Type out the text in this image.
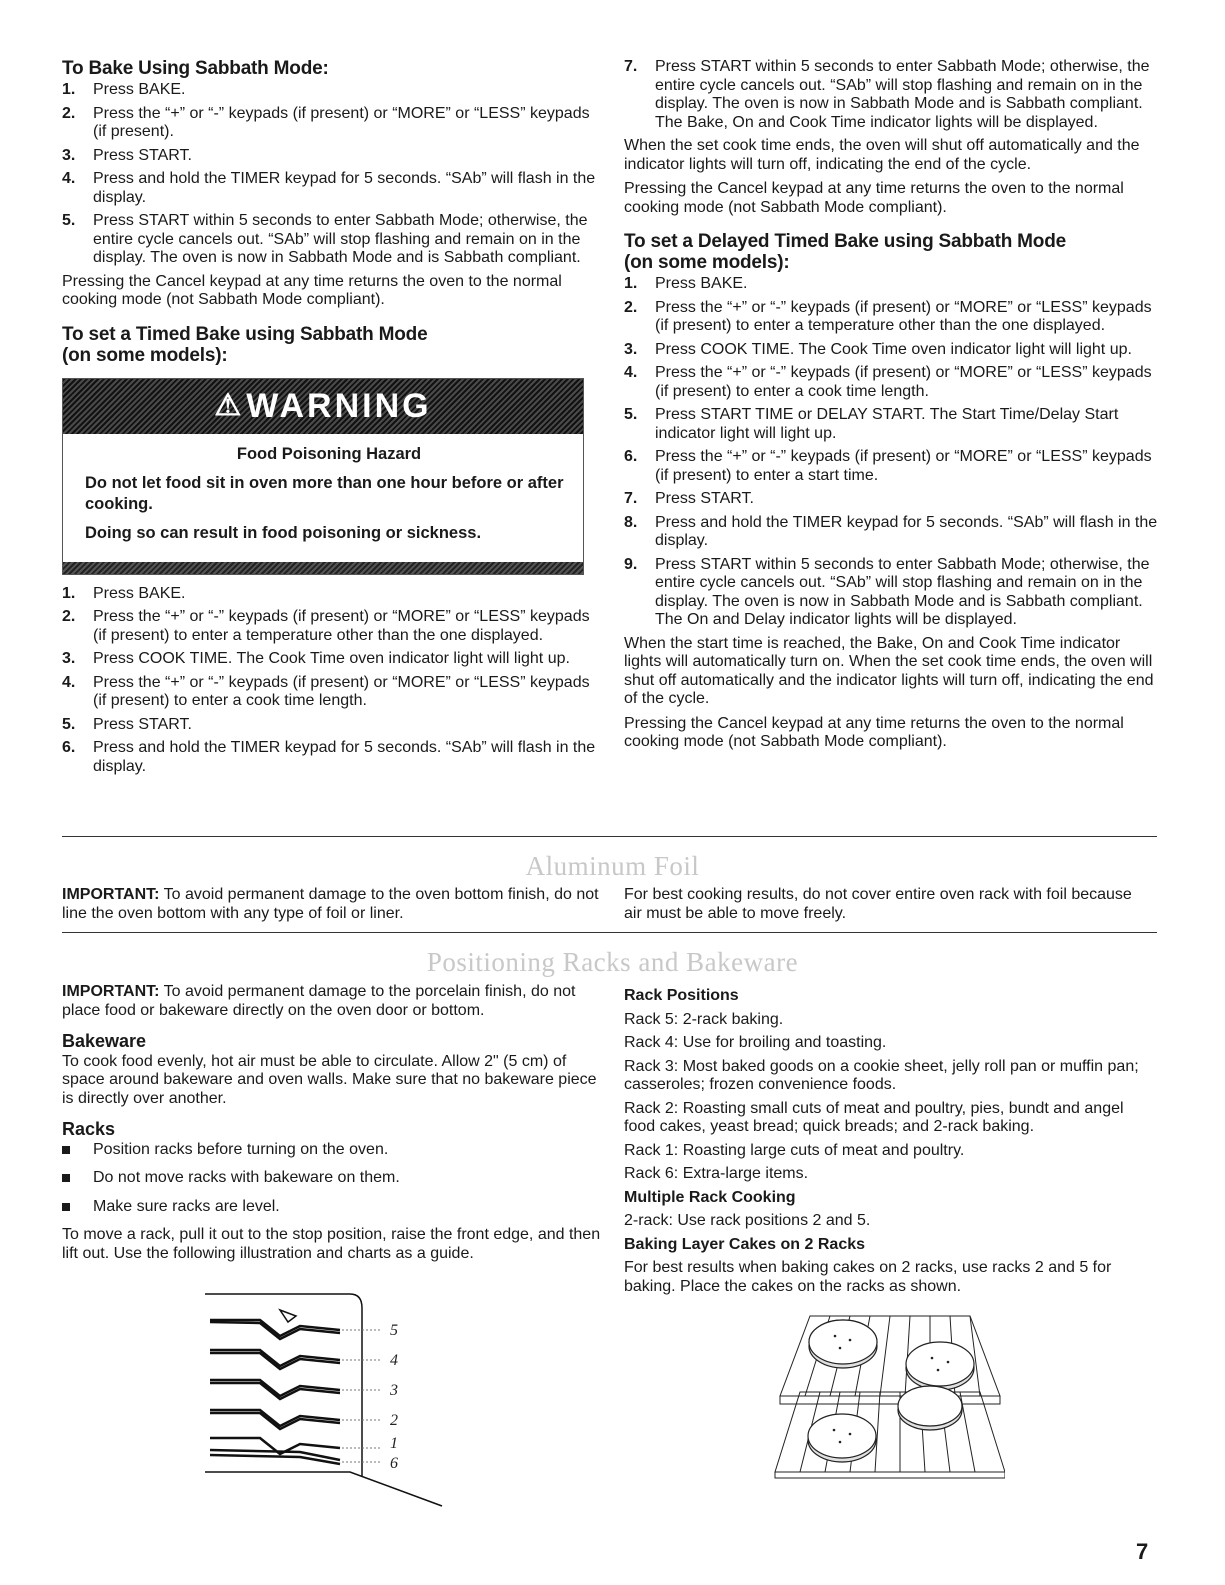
To Bake Using Sabbath Mode:
1. Press BAKE.
2. Press the “+” or “-” keypads (if present) or “MORE” or “LESS” keypads (if present).
3. Press START.
4. Press and hold the TIMER keypad for 5 seconds. “SAb” will flash in the display.
5. Press START within 5 seconds to enter Sabbath Mode; otherwise, the entire cycle cancels out. “SAb” will stop flashing and remain on in the display. The oven is now in Sabbath Mode and is Sabbath compliant.

Pressing the Cancel keypad at any time returns the oven to the normal cooking mode (not Sabbath Mode compliant).

To set a Timed Bake using Sabbath Mode
(on some models):
⚠ WARNING
Food Poisoning Hazard

Do not let food sit in oven more than one hour before or after cooking.

Doing so can result in food poisoning or sickness.

1. Press BAKE.
2. Press the “+” or “-” keypads (if present) or “MORE” or “LESS” keypads (if present) to enter a temperature other than the one displayed.
3. Press COOK TIME. The Cook Time oven indicator light will light up.
4. Press the “+” or “-” keypads (if present) or “MORE” or “LESS” keypads (if present) to enter a cook time length.
5. Press START.
6. Press and hold the TIMER keypad for 5 seconds. “SAb” will flash in the display.
7. Press START within 5 seconds to enter Sabbath Mode; otherwise, the entire cycle cancels out. “SAb” will stop flashing and remain on in the display. The oven is now in Sabbath Mode and is Sabbath compliant. The Bake, On and Cook Time indicator lights will be displayed.

When the set cook time ends, the oven will shut off automatically and the indicator lights will turn off, indicating the end of the cycle.

Pressing the Cancel keypad at any time returns the oven to the normal cooking mode (not Sabbath Mode compliant).

To set a Delayed Timed Bake using Sabbath Mode
(on some models):
1. Press BAKE.
2. Press the “+” or “-” keypads (if present) or “MORE” or “LESS” keypads (if present) to enter a temperature other than the one displayed.
3. Press COOK TIME. The Cook Time oven indicator light will light up.
4. Press the “+” or “-” keypads (if present) or “MORE” or “LESS” keypads (if present) to enter a cook time length.
5. Press START TIME or DELAY START. The Start Time/Delay Start indicator light will light up.
6. Press the “+” or “-” keypads (if present) or “MORE” or “LESS” keypads (if present) to enter a start time.
7. Press START.
8. Press and hold the TIMER keypad for 5 seconds. “SAb” will flash in the display.
9. Press START within 5 seconds to enter Sabbath Mode; otherwise, the entire cycle cancels out. “SAb” will stop flashing and remain on in the display. The oven is now in Sabbath Mode and is Sabbath compliant. The On and Delay indicator lights will be displayed.

When the start time is reached, the Bake, On and Cook Time indicator lights will automatically turn on. When the set cook time ends, the oven will shut off automatically and the indicator lights will turn off, indicating the end of the cycle.

Pressing the Cancel keypad at any time returns the oven to the normal cooking mode (not Sabbath Mode compliant).

Aluminum Foil
IMPORTANT: To avoid permanent damage to the oven bottom finish, do not line the oven bottom with any type of foil or liner.
For best cooking results, do not cover entire oven rack with foil because air must be able to move freely.
Positioning Racks and Bakeware

IMPORTANT: To avoid permanent damage to the porcelain finish, do not place food or bakeware directly on the oven door or bottom.

Bakeware

To cook food evenly, hot air must be able to circulate. Allow 2" (5 cm) of space around bakeware and oven walls. Make sure that no bakeware piece is directly over another.

Racks
Position racks before turning on the oven.
Do not move racks with bakeware on them.
Make sure racks are level.

To move a rack, pull it out to the stop position, raise the front edge, and then lift out. Use the following illustration and charts as a guide.

5
4
3
2
1
6

Rack Positions

Rack 5: 2-rack baking.

Rack 4: Use for broiling and toasting.

Rack 3: Most baked goods on a cookie sheet, jelly roll pan or muffin pan; casseroles; frozen convenience foods.

Rack 2: Roasting small cuts of meat and poultry, pies, bundt and angel food cakes, yeast bread; quick breads; and 2-rack baking.

Rack 1: Roasting large cuts of meat and poultry.

Rack 6: Extra-large items.

Multiple Rack Cooking

2-rack: Use rack positions 2 and 5.

Baking Layer Cakes on 2 Racks

For best results when baking cakes on 2 racks, use racks 2 and 5 for baking. Place the cakes on the racks as shown.

7
